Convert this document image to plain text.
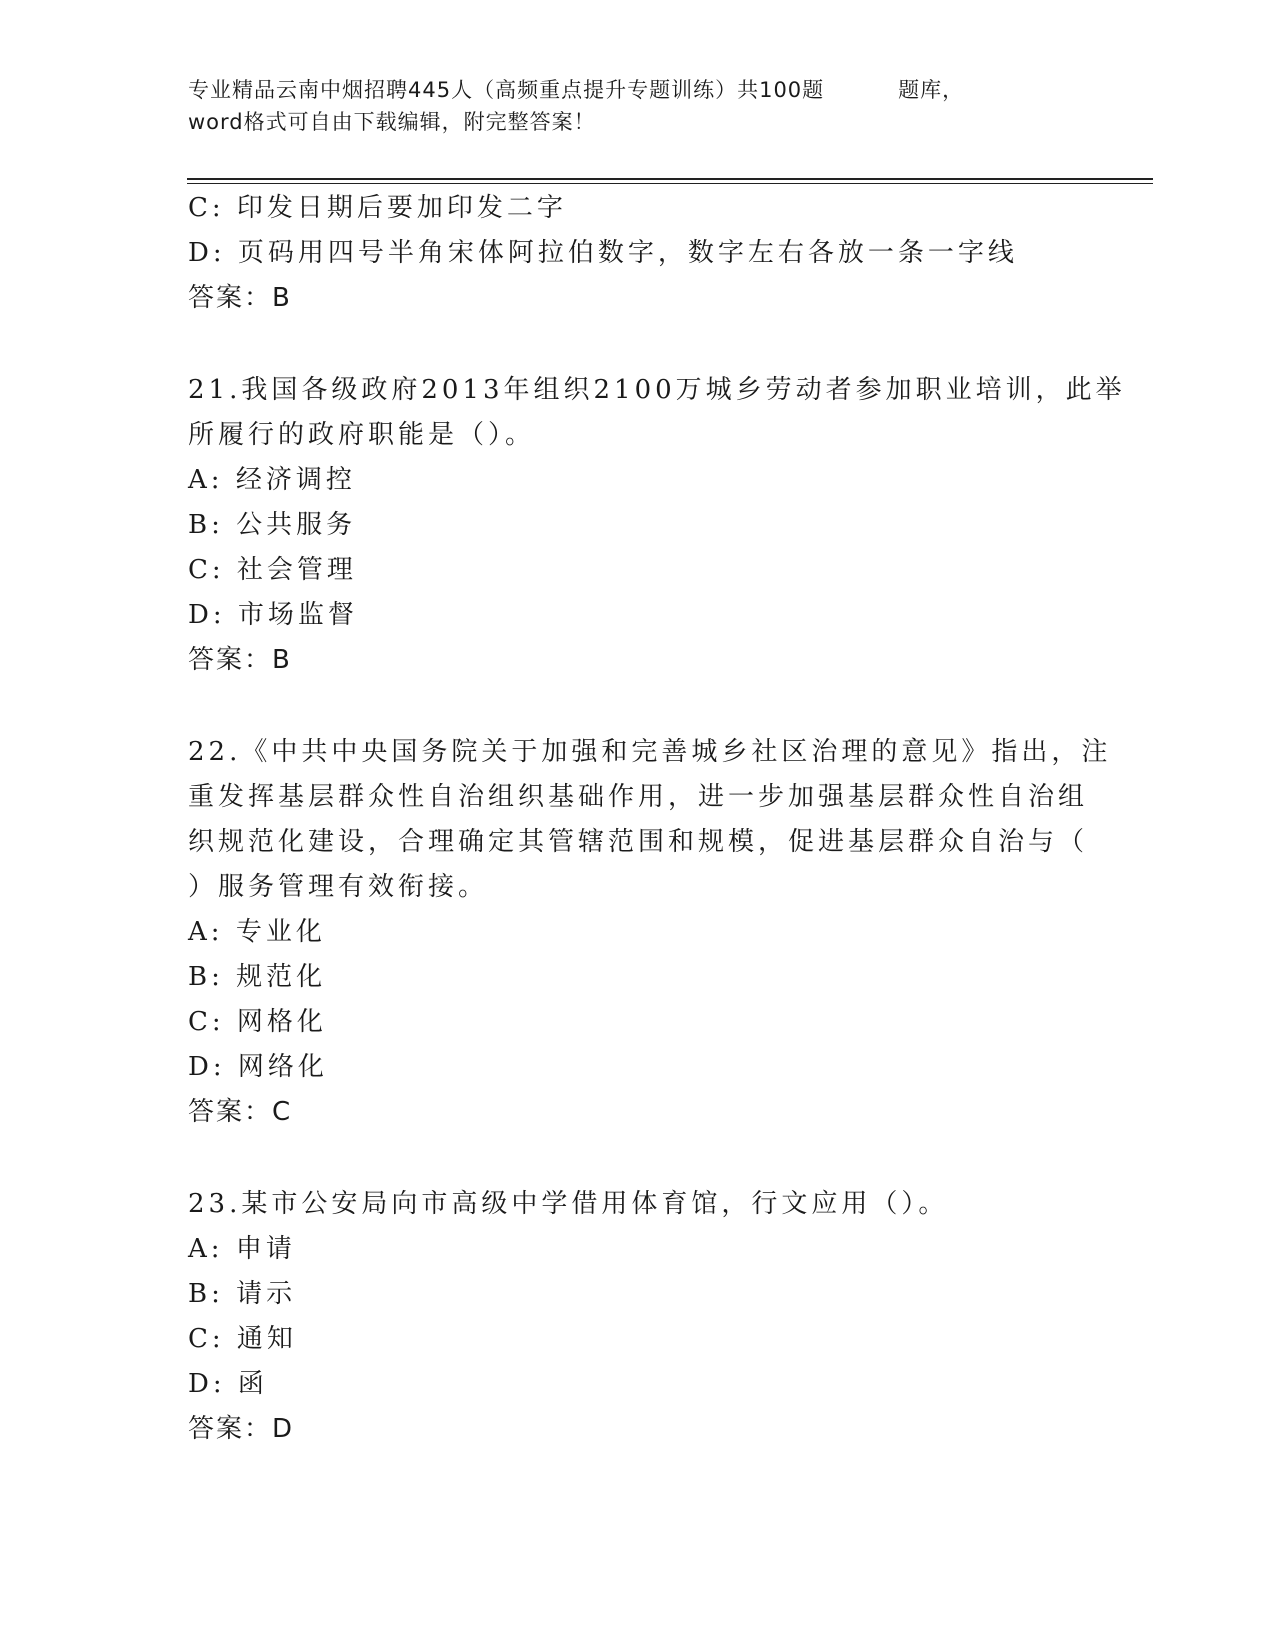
专业精品云南中烟招聘445人（高频重点提升专题训练）共100题	题库，
word格式可自由下载编辑，附完整答案！
C: 印发日期后要加印发二字
D: 页码用四号半角宋体阿拉伯数字，数字左右各放一条一字线
答案：B
21.我国各级政府2013年组织2100万城乡劳动者参加职业培训，此举
所履行的政府职能是（）。
A: 经济调控
B: 公共服务
C: 社会管理
D: 市场监督
答案：B
22.《中共中央国务院关于加强和完善城乡社区治理的意见》指出，注
重发挥基层群众性自治组织基础作用，进一步加强基层群众性自治组
织规范化建设，合理确定其管辖范围和规模，促进基层群众自治与（
）服务管理有效衔接。
A: 专业化
B: 规范化
C: 网格化
D: 网络化
答案：C
23.某市公安局向市高级中学借用体育馆，行文应用（）。
A: 申请
B: 请示
C: 通知
D: 函
答案：D
